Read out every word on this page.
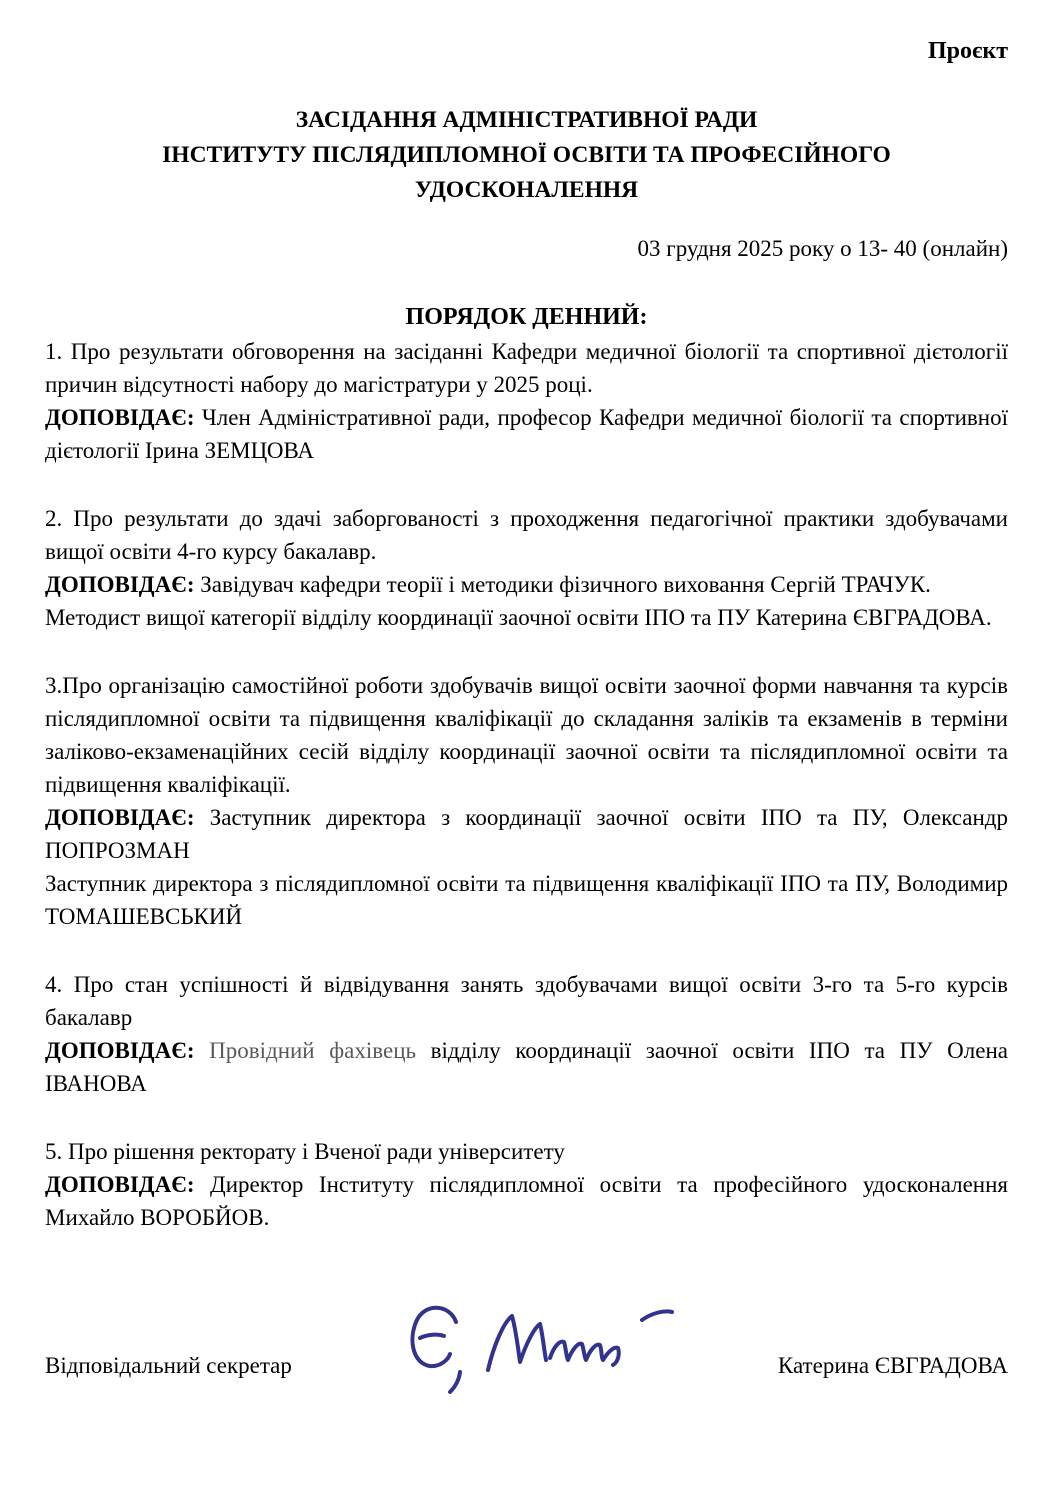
Проєкт
ЗАСІДАННЯ АДМІНІСТРАТИВНОЇ РАДИ
ІНСТИТУТУ ПІСЛЯДИПЛОМНОЇ ОСВІТИ ТА ПРОФЕСІЙНОГО
УДОСКОНАЛЕННЯ
03 грудня 2025 року о 13- 40 (онлайн)
ПОРЯДОК ДЕННИЙ:

1. Про результати обговорення на засіданні Кафедри медичної біології та спортивної дієтології причин відсутності набору до магістратури у 2025 році.

ДОПОВІДАЄ: Член Адміністративної ради, професор Кафедри медичної біології та спортивної дієтології Ірина ЗЕМЦОВА

2. Про результати до здачі заборгованості з проходження педагогічної практики здобувачами вищої освіти 4-го курсу бакалавр.

ДОПОВІДАЄ: Завідувач кафедри теорії і методики фізичного виховання Сергій ТРАЧУК.

Методист вищої категорії відділу координації заочної освіти ІПО та ПУ Катерина ЄВГРАДОВА.

3.Про організацію самостійної роботи здобувачів вищої освіти заочної форми навчання та курсів післядипломної освіти та підвищення кваліфікації до складання заліків та екзаменів в терміни заліково-екзаменаційних сесій відділу координації заочної освіти та післядипломної освіти та підвищення кваліфікації.

ДОПОВІДАЄ: Заступник директора з координації заочної освіти ІПО та ПУ, Олександр ПОПРОЗМАН

Заступник директора з післядипломної освіти та підвищення кваліфікації ІПО та ПУ, Володимир ТОМАШЕВСЬКИЙ

4. Про стан успішності й відвідування занять здобувачами вищої освіти 3-го та 5-го курсів бакалавр

ДОПОВІДАЄ: Провідний фахівець відділу координації заочної освіти ІПО та ПУ Олена ІВАНОВА

5. Про рішення ректорату і Вченої ради університету

ДОПОВІДАЄ: Директор Інституту післядипломної освіти та професійного удосконалення Михайло ВОРОБЙОВ.

Відповідальний секретар	Катерина ЄВГРАДОВА
